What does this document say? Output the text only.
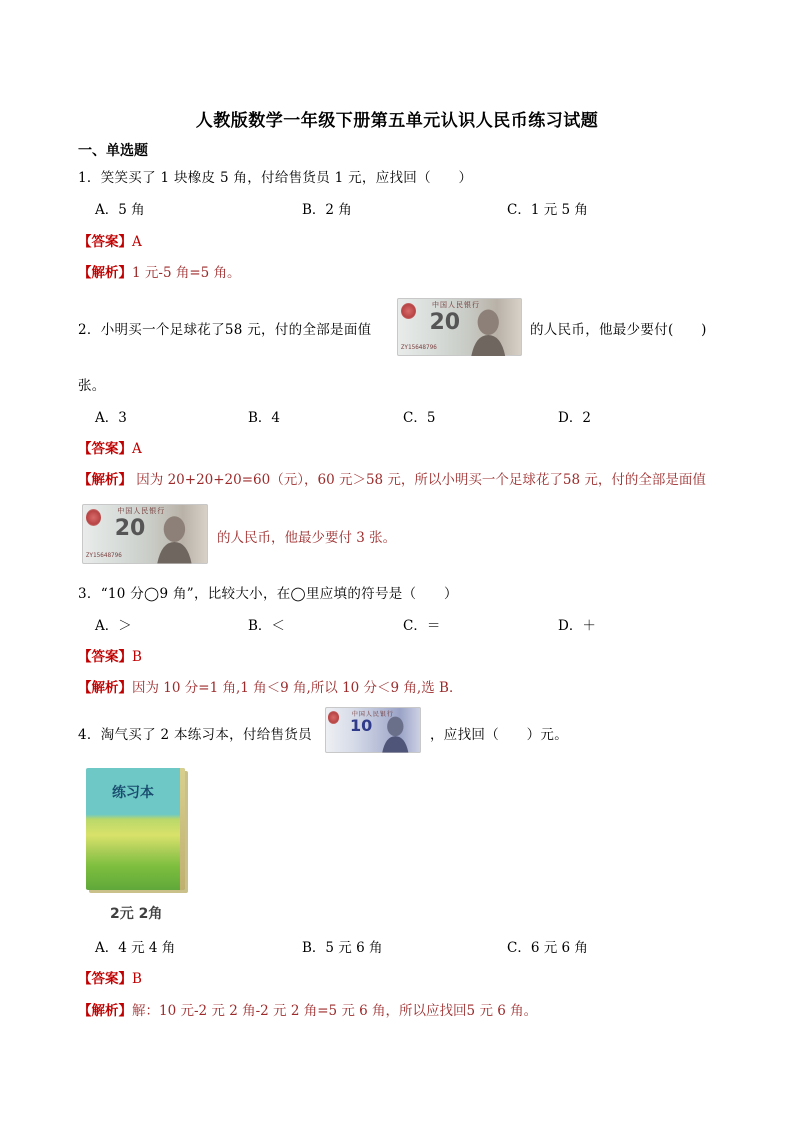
人教版数学一年级下册第五单元认识人民币练习试题
一、单选题
1．笑笑买了 1 块橡皮 5 角，付给售货员 1 元，应找回（　　）
A．5 角	B．2 角	C．1 元 5 角
【答案】A
【解析】1 元-5 角=5 角。
2．小明买一个足球花了58 元，付的全部是面值
中国人民银行
20
ZY15648796
的人民币，他最少要付(　　)
张。
A．3	B．4	C．5	D．2
【答案】A
【解析】 因为 20+20+20=60（元），60 元＞58 元，所以小明买一个足球花了58 元，付的全部是面值
中国人民银行
20
ZY15648796
的人民币，他最少要付 3 张。
3．“10 分◯9 角”，比较大小，在◯里应填的符号是（　　）
A．＞	B．＜	C．＝	D．＋
【答案】B
【解析】因为 10 分=1 角,1 角＜9 角,所以 10 分＜9 角,选 B．
4．淘气买了 2 本练习本，付给售货员
中国人民银行
10	，应找回（　　）元。
练习本
2元 2角
A．4 元 4 角	B．5 元 6 角	C．6 元 6 角
【答案】B
【解析】解：10 元-2 元 2 角-2 元 2 角=5 元 6 角，所以应找回5 元 6 角。
